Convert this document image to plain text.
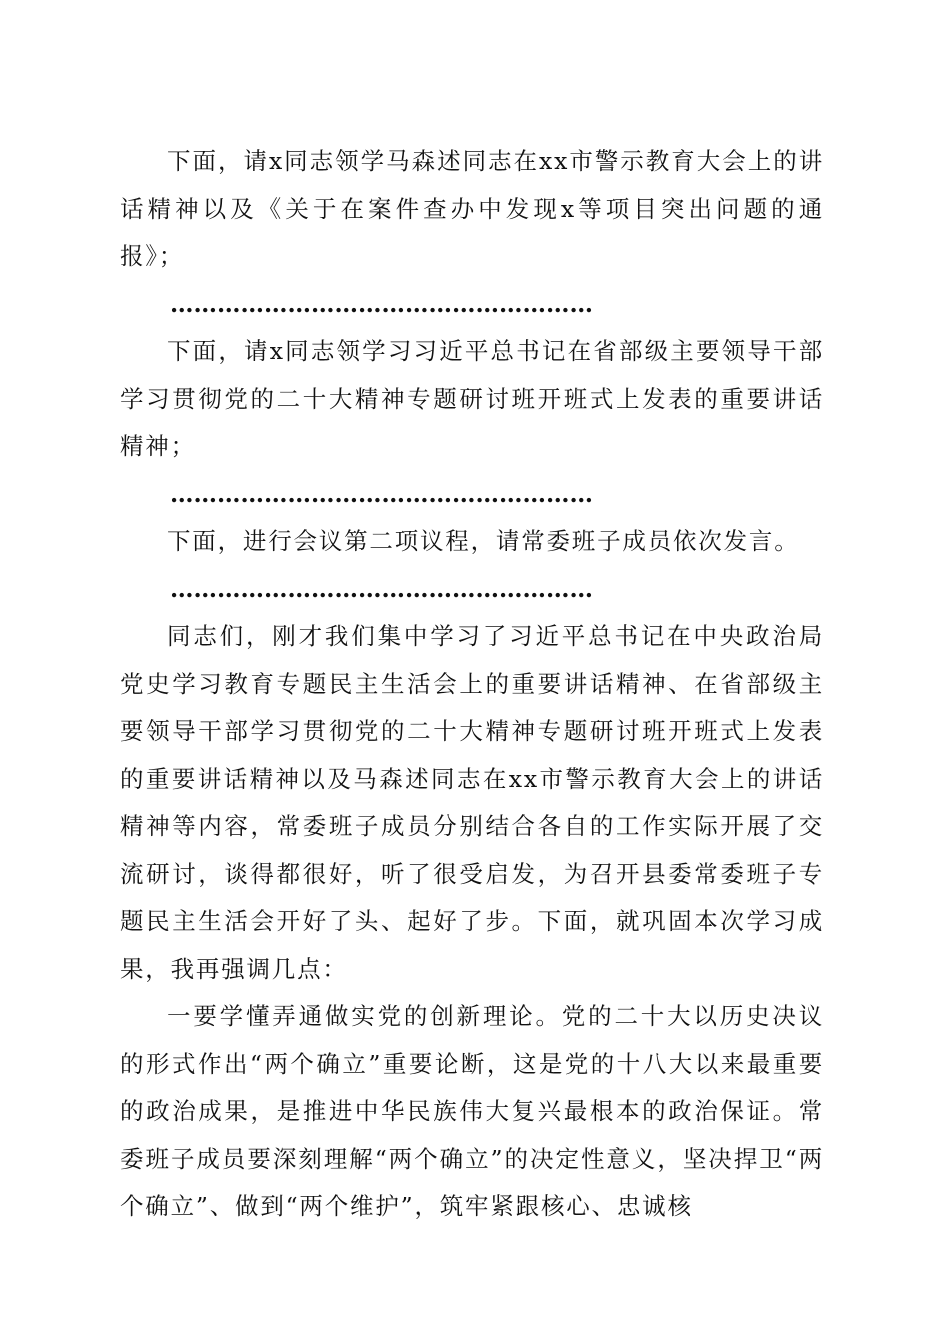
下面，请x同志领学马森述同志在xx市警示教育大会上的讲话精神以及《关于在案件查办中发现x等项目突出问题的通报》；

………………………………………………

下面，请x同志领学习习近平总书记在省部级主要领导干部学习贯彻党的二十大精神专题研讨班开班式上发表的重要讲话精神；

………………………………………………

下面，进行会议第二项议程，请常委班子成员依次发言。

………………………………………………

同志们，刚才我们集中学习了习近平总书记在中央政治局党史学习教育专题民主生活会上的重要讲话精神、在省部级主要领导干部学习贯彻党的二十大精神专题研讨班开班式上发表的重要讲话精神以及马森述同志在xx市警示教育大会上的讲话精神等内容，常委班子成员分别结合各自的工作实际开展了交流研讨，谈得都很好，听了很受启发，为召开县委常委班子专题民主生活会开好了头、起好了步。下面，就巩固本次学习成果，我再强调几点：

一要学懂弄通做实党的创新理论。党的二十大以历史决议的形式作出“两个确立”重要论断，这是党的十八大以来最重要的政治成果，是推进中华民族伟大复兴最根本的政治保证。常委班子成员要深刻理解“两个确立”的决定性意义，坚决捍卫“两个确立”、做到“两个维护”，筑牢紧跟核心、忠诚核
